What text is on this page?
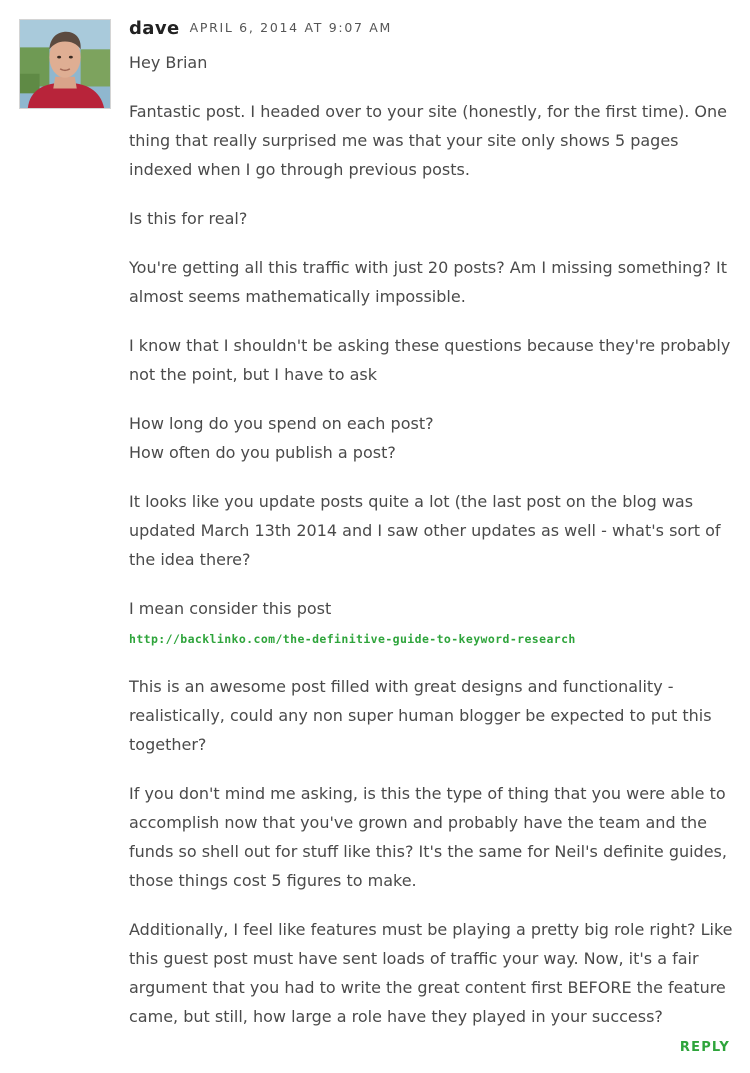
dave APRIL 6, 2014 AT 9:07 AM

Hey Brian

Fantastic post. I headed over to your site (honestly, for the first time). One thing that really surprised me was that your site only shows 5 pages indexed when I go through previous posts.

Is this for real?

You're getting all this traffic with just 20 posts? Am I missing something? It almost seems mathematically impossible.

I know that I shouldn't be asking these questions because they're probably not the point, but I have to ask

How long do you spend on each post?

How often do you publish a post?

It looks like you update posts quite a lot (the last post on the blog was updated March 13th 2014 and I saw other updates as well - what's sort of the idea there?

I mean consider this post

http://backlinko.com/the-definitive-guide-to-keyword-research

This is an awesome post filled with great designs and functionality - realistically, could any non super human blogger be expected to put this together?

If you don't mind me asking, is this the type of thing that you were able to accomplish now that you've grown and probably have the team and the funds so shell out for stuff like this? It's the same for Neil's definite guides, those things cost 5 figures to make.

Additionally, I feel like features must be playing a pretty big role right? Like this guest post must have sent loads of traffic your way. Now, it's a fair argument that you had to write the great content first BEFORE the feature came, but still, how large a role have they played in your success?

REPLY
